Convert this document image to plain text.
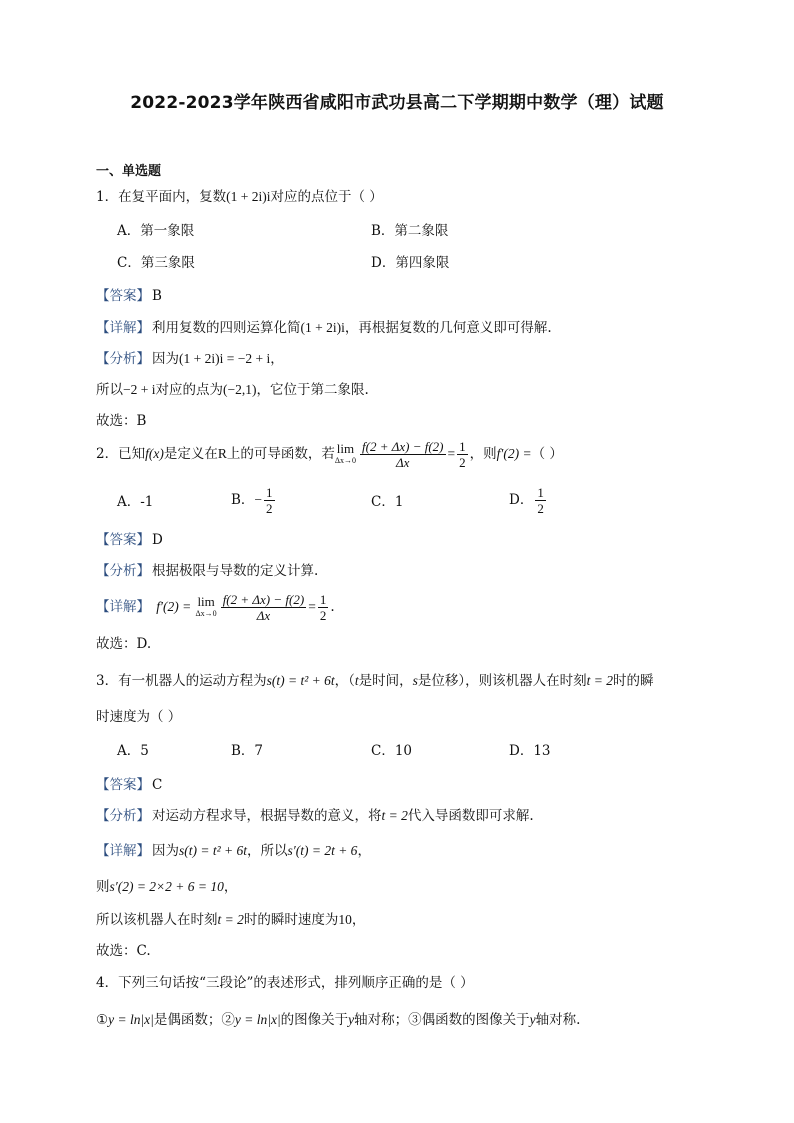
2022-2023学年陕西省咸阳市武功县高二下学期期中数学（理）试题
一、单选题
1．在复平面内，复数(1 + 2i)i对应的点位于（ ）
A．第一象限	B．第二象限
C．第三象限	D．第四象限
【答案】 B
【详解】 利用复数的四则运算化简(1 + 2i)i，再根据复数的几何意义即可得解.
【分析】 因为(1 + 2i)i = −2 + i，
所以−2 + i对应的点为(−2,1)，它位于第二象限.
故选：B
2．已知f(x)是定义在R上的可导函数，若 lim
$\Delta x\to 0 \frac{f(2 + \Delta x) - f(2)}{\Delta x} = \frac{1}{2}$ ，则f′(2) =（ ）
A．-1	B．− $\frac{1}{2}$	C．1	D． $\frac{1}{2}$
【答案】 D
【分析】 根据极限与导数的定义计算.
【详解】 f′(2) = lim
$\Delta x\to 0 \frac{f(2 + \Delta x) - f(2)}{\Delta x} = \frac{1}{2}$ .
故选：D.
3．有一机器人的运动方程为s(t) = t² + 6t，（t是时间，s是位移），则该机器人在时刻t = 2时的瞬
时速度为（ ）
A．5	B．7	C．10	D．13
【答案】 C
【分析】 对运动方程求导，根据导数的意义，将t = 2代入导函数即可求解.
【详解】 因为s(t) = t² + 6t，所以s′(t) = 2t + 6，
则s′(2) = 2×2 + 6 = 10，
所以该机器人在时刻t = 2时的瞬时速度为10，
故选：C.
4．下列三句话按“三段论”的表述形式，排列顺序正确的是（ ）
①y = ln|x|是偶函数；②y = ln|x|的图像关于y轴对称；③偶函数的图像关于y轴对称.
